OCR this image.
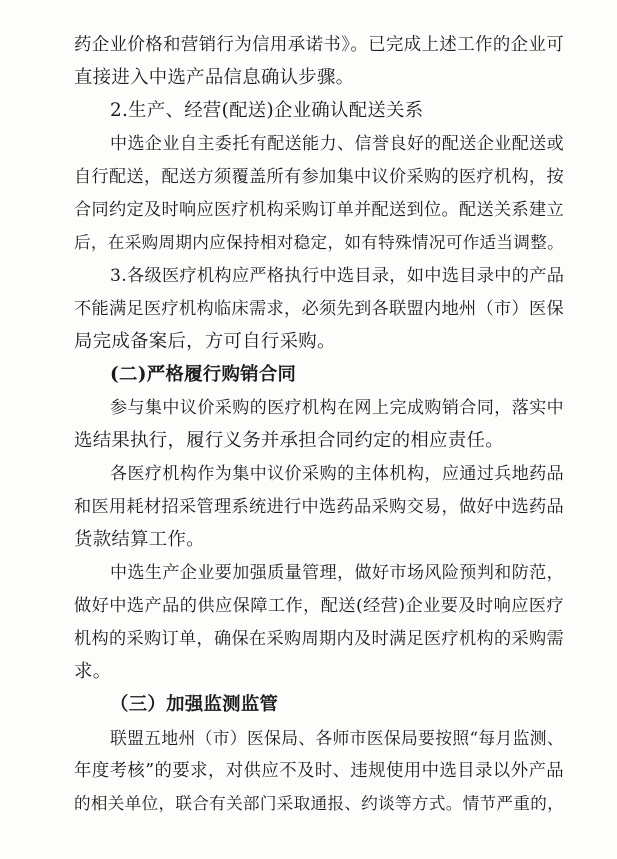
药企业价格和营销行为信用承诺书》。已完成上述工作的企业可
直接进入中选产品信息确认步骤。
2.生产、经营(配送)企业确认配送关系
中选企业自主委托有配送能力、信誉良好的配送企业配送或
自行配送，配送方须覆盖所有参加集中议价采购的医疗机构，按
合同约定及时响应医疗机构采购订单并配送到位。配送关系建立
后，在采购周期内应保持相对稳定，如有特殊情况可作适当调整。
3.各级医疗机构应严格执行中选目录，如中选目录中的产品
不能满足医疗机构临床需求，必须先到各联盟内地州（市）医保
局完成备案后，方可自行采购。
(二)严格履行购销合同
参与集中议价采购的医疗机构在网上完成购销合同，落实中
选结果执行，履行义务并承担合同约定的相应责任。
各医疗机构作为集中议价采购的主体机构，应通过兵地药品
和医用耗材招采管理系统进行中选药品采购交易，做好中选药品
货款结算工作。
中选生产企业要加强质量管理，做好市场风险预判和防范，
做好中选产品的供应保障工作，配送(经营)企业要及时响应医疗
机构的采购订单，确保在采购周期内及时满足医疗机构的采购需
求。
（三）加强监测监管
联盟五地州（市）医保局、各师市医保局要按照“每月监测、
年度考核”的要求，对供应不及时、违规使用中选目录以外产品
的相关单位，联合有关部门采取通报、约谈等方式。情节严重的，
